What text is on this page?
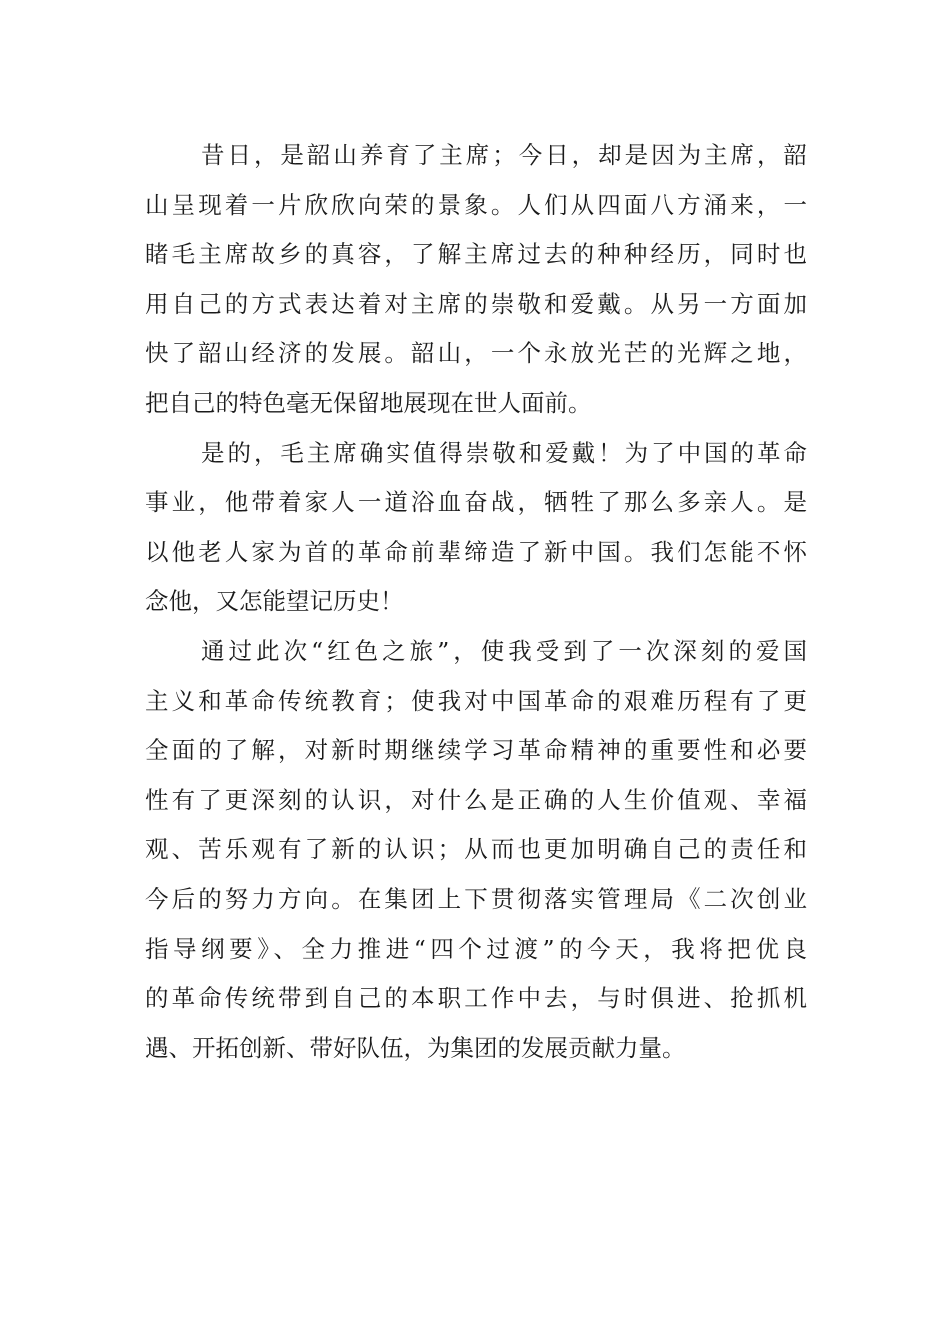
昔日，是韶山养育了主席；今日，却是因为主席，韶
山呈现着一片欣欣向荣的景象。人们从四面八方涌来，一
睹毛主席故乡的真容，了解主席过去的种种经历，同时也
用自己的方式表达着对主席的崇敬和爱戴。从另一方面加
快了韶山经济的发展。韶山，一个永放光芒的光辉之地，
把自己的特色毫无保留地展现在世人面前。
是的，毛主席确实值得崇敬和爱戴！为了中国的革命
事业，他带着家人一道浴血奋战，牺牲了那么多亲人。是
以他老人家为首的革命前辈缔造了新中国。我们怎能不怀
念他，又怎能望记历史！
通过此次“红色之旅”，使我受到了一次深刻的爱国
主义和革命传统教育；使我对中国革命的艰难历程有了更
全面的了解，对新时期继续学习革命精神的重要性和必要
性有了更深刻的认识，对什么是正确的人生价值观、幸福
观、苦乐观有了新的认识；从而也更加明确自己的责任和
今后的努力方向。在集团上下贯彻落实管理局《二次创业
指导纲要》、全力推进“四个过渡”的今天，我将把优良
的革命传统带到自己的本职工作中去，与时俱进、抢抓机
遇、开拓创新、带好队伍，为集团的发展贡献力量。
